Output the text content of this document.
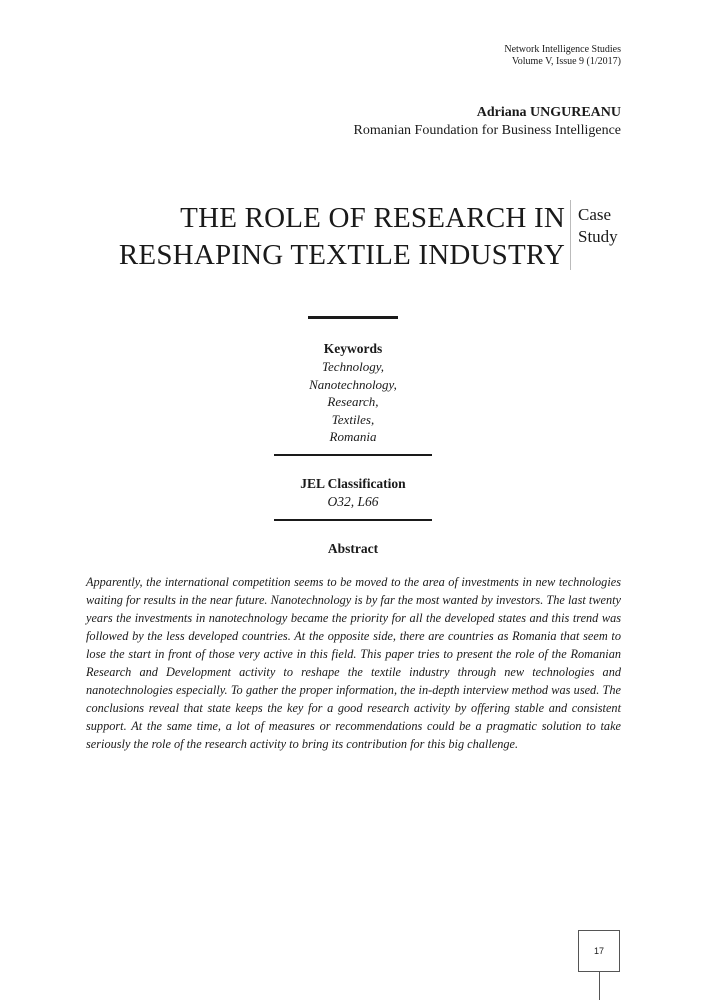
Network Intelligence Studies
Volume V, Issue 9 (1/2017)
Adriana UNGUREANU
Romanian Foundation for Business Intelligence
THE ROLE OF RESEARCH IN
RESHAPING TEXTILE INDUSTRY
Case
Study
Keywords
Technology,
Nanotechnology,
Research,
Textiles,
Romania
JEL Classification
O32, L66
Abstract

Apparently, the international competition seems to be moved to the area of investments in new technologies waiting for results in the near future. Nanotechnology is by far the most wanted by investors. The last twenty years the investments in nanotechnology became the priority for all the developed states and this trend was followed by the less developed countries. At the opposite side, there are countries as Romania that seem to lose the start in front of those very active in this field. This paper tries to present the role of the Romanian Research and Development activity to reshape the textile industry through new technologies and nanotechnologies especially. To gather the proper information, the in-depth interview method was used. The conclusions reveal that state keeps the key for a good research activity by offering stable and consistent support. At the same time, a lot of measures or recommendations could be a pragmatic solution to take seriously the role of the research activity to bring its contribution for this big challenge.

17
